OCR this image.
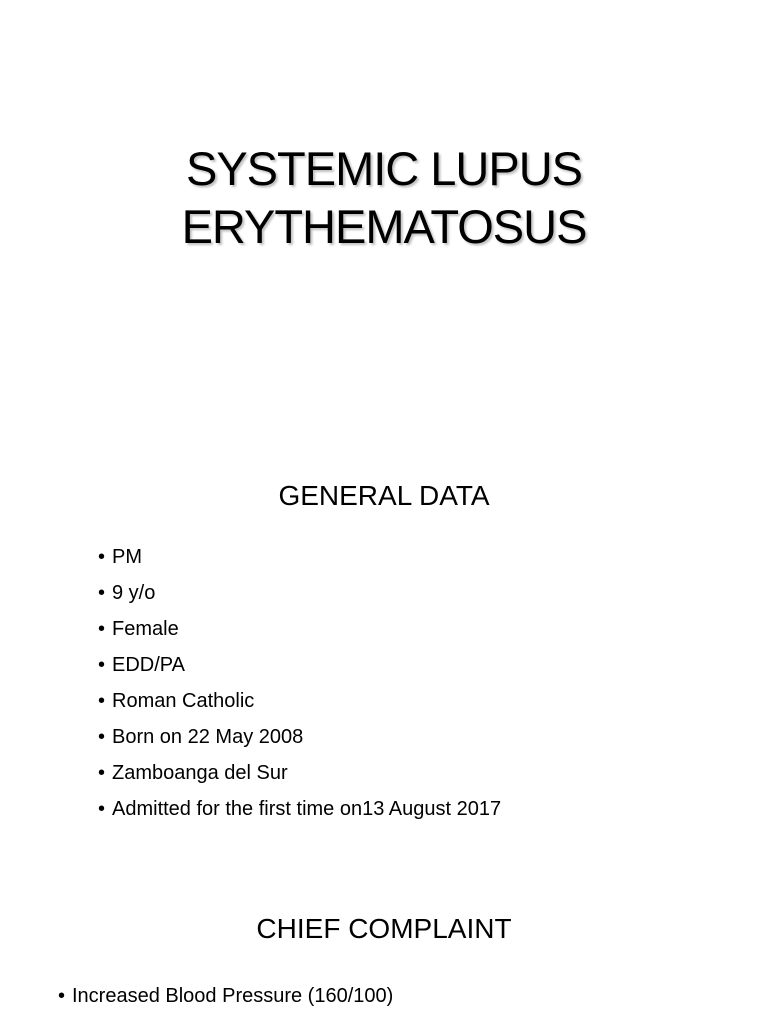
SYSTEMIC LUPUS
ERYTHEMATOSUS
GENERAL DATA
• PM
• 9 y/o
• Female
• EDD/PA
• Roman Catholic
• Born on 22 May 2008
• Zamboanga del Sur
• Admitted for the first time on13 August 2017
CHIEF COMPLAINT
• Increased Blood Pressure (160/100)
